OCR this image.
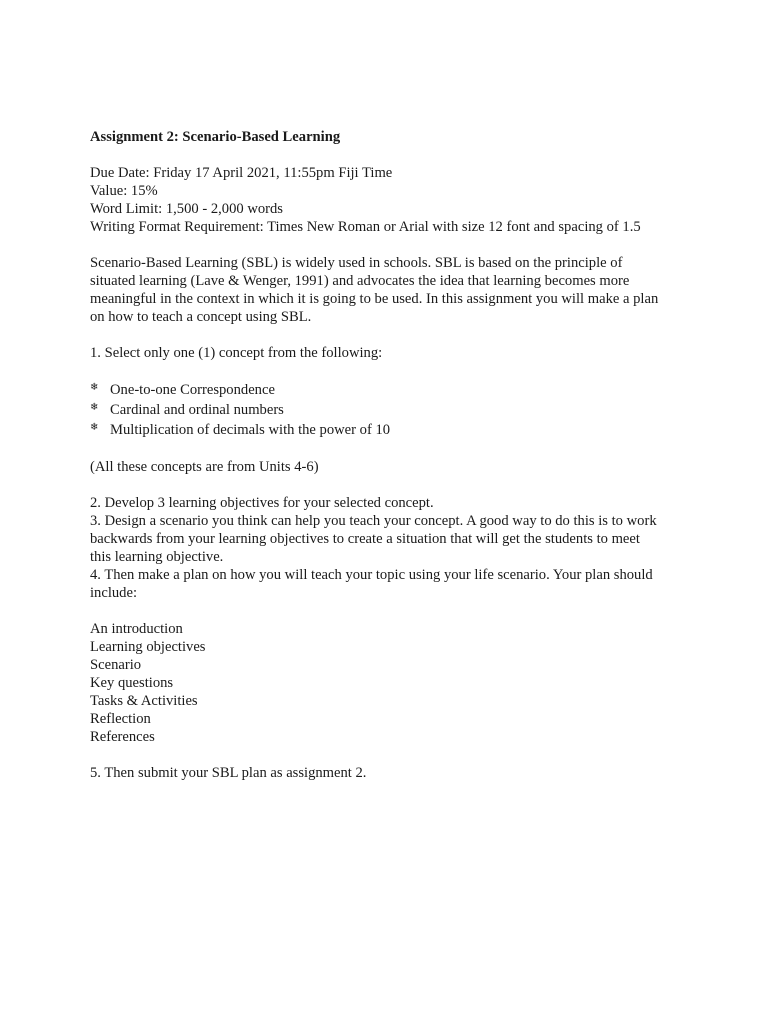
Assignment 2: Scenario-Based Learning

Due Date: Friday 17 April 2021, 11:55pm Fiji Time

Value: 15%

Word Limit: 1,500 - 2,000 words

Writing Format Requirement: Times New Roman or Arial with size 12 font and spacing of 1.5

Scenario-Based Learning (SBL) is widely used in schools. SBL is based on the principle of

situated learning (Lave & Wenger, 1991) and advocates the idea that learning becomes more

meaningful in the context in which it is going to be used. In this assignment you will make a plan

on how to teach a concept using SBL.

1. Select only one (1) concept from the following:

❄ One-to-one Correspondence
❄ Cardinal and ordinal numbers
❄ Multiplication of decimals with the power of 10

(All these concepts are from Units 4-6)

2. Develop 3 learning objectives for your selected concept.

3. Design a scenario you think can help you teach your concept. A good way to do this is to work

backwards from your learning objectives to create a situation that will get the students to meet

this learning objective.

4. Then make a plan on how you will teach your topic using your life scenario. Your plan should

include:

An introduction

Learning objectives

Scenario

Key questions

Tasks & Activities

Reflection

References

5. Then submit your SBL plan as assignment 2.
